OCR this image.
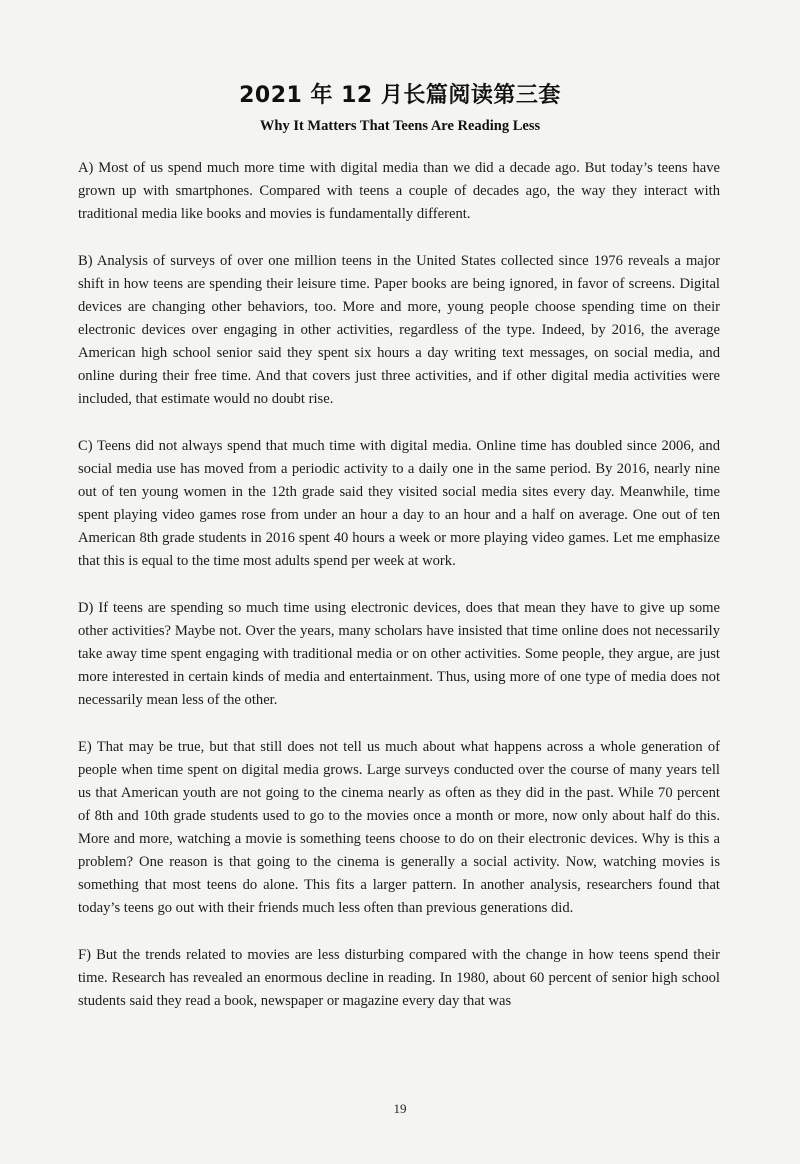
2021 年 12 月长篇阅读第三套
Why It Matters That Teens Are Reading Less

A) Most of us spend much more time with digital media than we did a decade ago. But today’s teens have grown up with smartphones. Compared with teens a couple of decades ago, the way they interact with traditional media like books and movies is fundamentally different.

B) Analysis of surveys of over one million teens in the United States collected since 1976 reveals a major shift in how teens are spending their leisure time. Paper books are being ignored, in favor of screens. Digital devices are changing other behaviors, too. More and more, young people choose spending time on their electronic devices over engaging in other activities, regardless of the type. Indeed, by 2016, the average American high school senior said they spent six hours a day writing text messages, on social media, and online during their free time. And that covers just three activities, and if other digital media activities were included, that estimate would no doubt rise.

C) Teens did not always spend that much time with digital media. Online time has doubled since 2006, and social media use has moved from a periodic activity to a daily one in the same period. By 2016, nearly nine out of ten young women in the 12th grade said they visited social media sites every day. Meanwhile, time spent playing video games rose from under an hour a day to an hour and a half on average. One out of ten American 8th grade students in 2016 spent 40 hours a week or more playing video games. Let me emphasize that this is equal to the time most adults spend per week at work.

D) If teens are spending so much time using electronic devices, does that mean they have to give up some other activities? Maybe not. Over the years, many scholars have insisted that time online does not necessarily take away time spent engaging with traditional media or on other activities. Some people, they argue, are just more interested in certain kinds of media and entertainment. Thus, using more of one type of media does not necessarily mean less of the other.

E) That may be true, but that still does not tell us much about what happens across a whole generation of people when time spent on digital media grows. Large surveys conducted over the course of many years tell us that American youth are not going to the cinema nearly as often as they did in the past. While 70 percent of 8th and 10th grade students used to go to the movies once a month or more, now only about half do this. More and more, watching a movie is something teens choose to do on their electronic devices. Why is this a problem? One reason is that going to the cinema is generally a social activity. Now, watching movies is something that most teens do alone. This fits a larger pattern. In another analysis, researchers found that today’s teens go out with their friends much less often than previous generations did.

F) But the trends related to movies are less disturbing compared with the change in how teens spend their time. Research has revealed an enormous decline in reading. In 1980, about 60 percent of senior high school students said they read a book, newspaper or magazine every day that was

19
